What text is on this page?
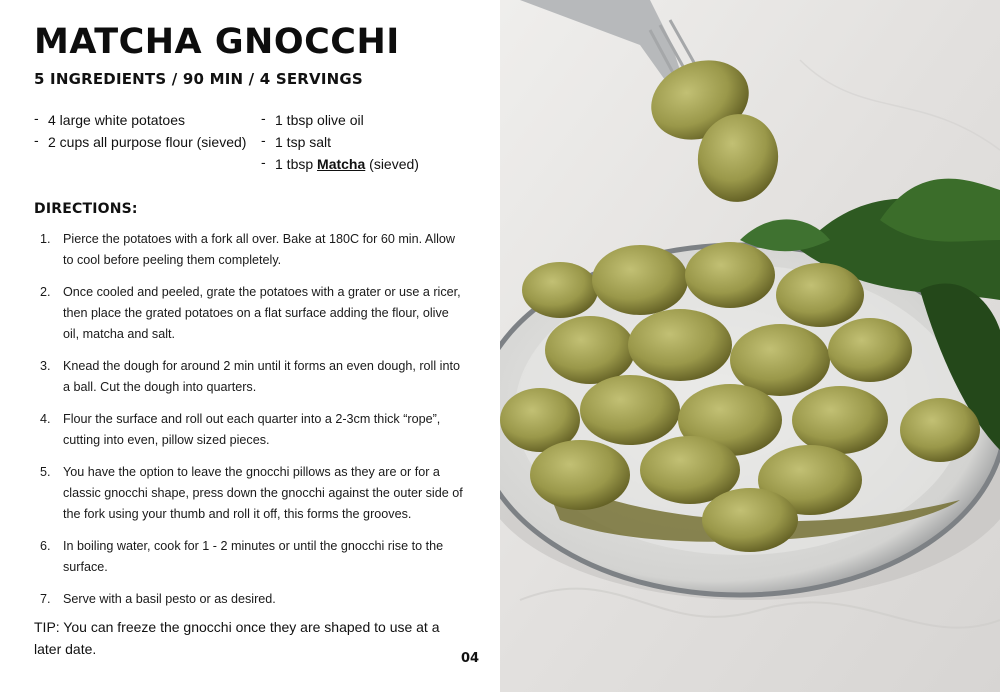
MATCHA GNOCCHI
5 INGREDIENTS / 90 MIN / 4 SERVINGS
- 4 large white potatoes
- 2 cups all purpose flour (sieved)
- 1 tbsp olive oil
- 1 tsp salt
- 1 tbsp Matcha (sieved)
DIRECTIONS:
1. Pierce the potatoes with a fork all over. Bake at 180C for 60 min. Allow to cool before peeling them completely.
2. Once cooled and peeled, grate the potatoes with a grater or use a ricer, then place the grated potatoes on a flat surface adding the flour, olive oil, matcha and salt.
3. Knead the dough for around 2 min until it forms an even dough, roll into a ball. Cut the dough into quarters.
4. Flour the surface and roll out each quarter into a 2-3cm thick “rope”, cutting into even, pillow sized pieces.
5. You have the option to leave the gnocchi pillows as they are or for a classic gnocchi shape, press down the gnocchi against the outer side of the fork using your thumb and roll it off, this forms the grooves.
6. In boiling water, cook for 1 - 2 minutes or until the gnocchi rise to the surface.
7. Serve with a basil pesto or as desired.

TIP: You can freeze the gnocchi once they are shaped to use at a later date.

04
